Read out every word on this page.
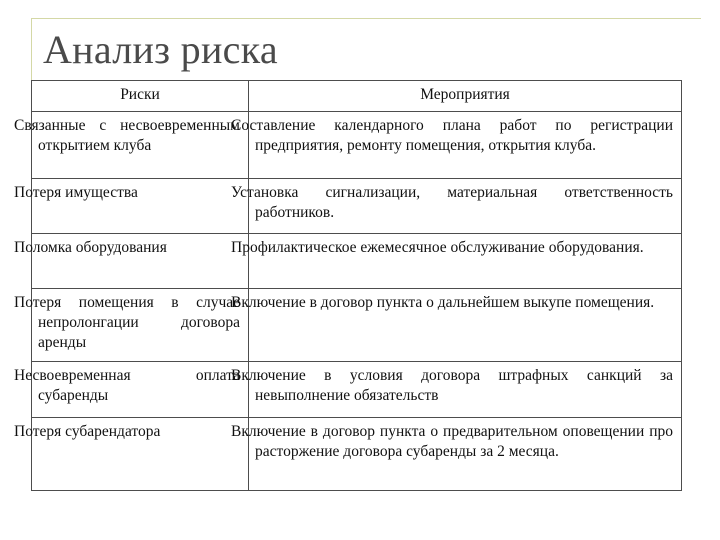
Анализ риска
Риски	Мероприятия

Связанные с несвоевременным открытием клуба	Составление календарного плана работ по регистрации предприятия, ремонту помещения, открытия клуба.

Потеря имущества	Установка сигнализации, материальная ответственность работников.

Поломка оборудования	Профилактическое ежемесячное обслуживание оборудования.

Потеря помещения в случае непролонгации договора аренды	Включение в договор пункта о дальнейшем выкупе помещения.

Несвоевременная оплата субаренды	Включение в условия договора штрафных санкций за невыполнение обязательств

Потеря субарендатора	Включение в договор пункта о предварительном оповещении про расторжение договора субаренды за 2 месяца.
